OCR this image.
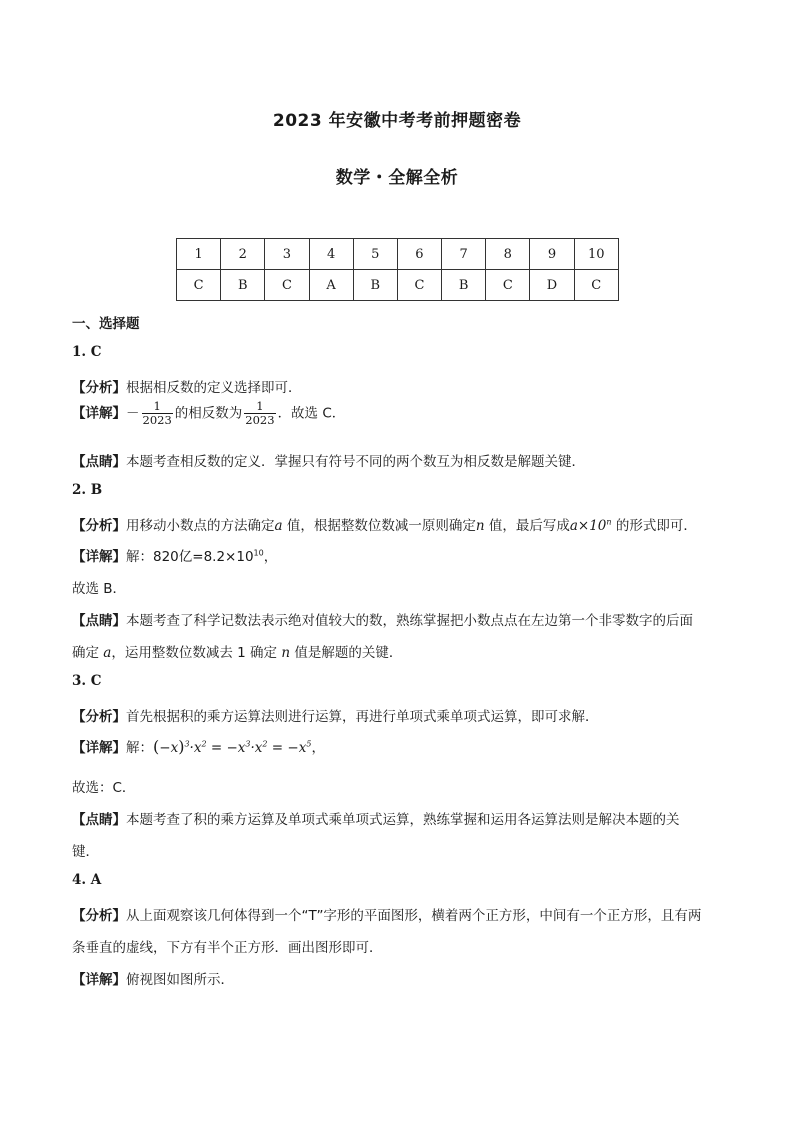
2023 年安徽中考考前押题密卷
数学・全解全析
1	2	3	4	5	6	7	8	9	10
C	B	C	A	B	C	B	C	D	C
一、选择题
1. C
【分析】根据相反数的定义选择即可．
【详解】－ $\frac{1}{2023}$ 的相反数为 $\frac{1}{2023}$ ．故选 C．
【点睛】本题考查相反数的定义．掌握只有符号不同的两个数互为相反数是解题关键．
2. B
【分析】用移动小数点的方法确定a 值，根据整数位数减一原则确定n 值，最后写成$a\times 10^n$ 的形式即可．
【详解】解：820亿$=8.2\times 10^{10}$，
故选 B．
【点睛】本题考查了科学记数法表示绝对值较大的数，熟练掌握把小数点点在左边第一个非零数字的后面
确定 a，运用整数位数减去 1 确定 n 值是解题的关键．
3. C
【分析】首先根据积的乘方运算法则进行运算，再进行单项式乘单项式运算，即可求解．
【详解】解：$(-x)^3\cdot x^2 = -x^3\cdot x^2 = -x^5$，
故选：C．
【点睛】本题考查了积的乘方运算及单项式乘单项式运算，熟练掌握和运用各运算法则是解决本题的关
键．
4. A
【分析】从上面观察该几何体得到一个“T”字形的平面图形，横着两个正方形，中间有一个正方形，且有两
条垂直的虚线，下方有半个正方形．画出图形即可．
【详解】俯视图如图所示．
